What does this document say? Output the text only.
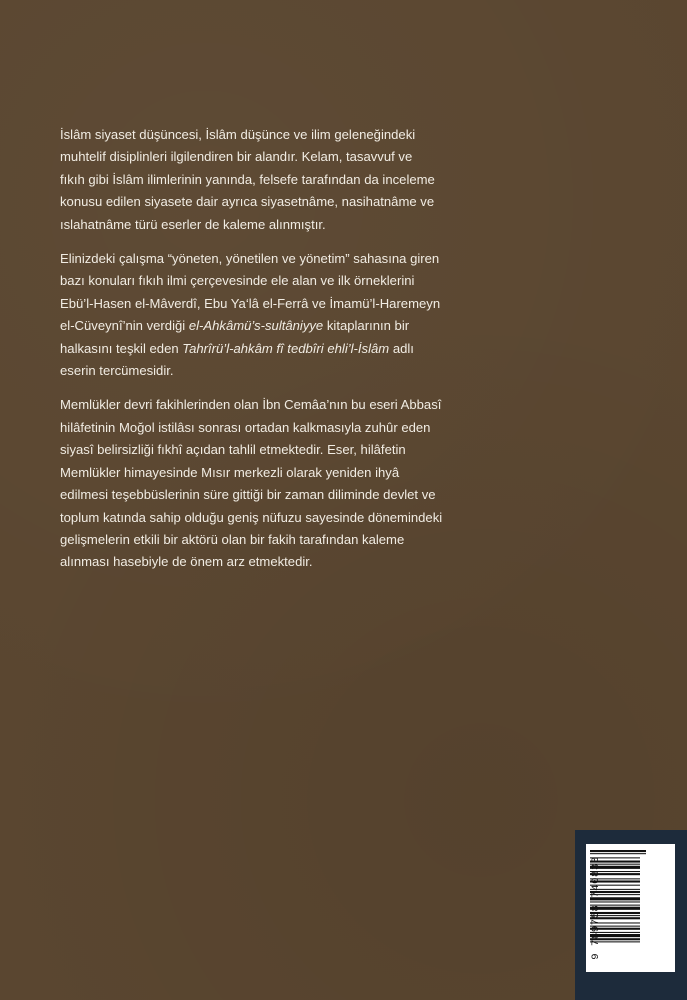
İslâm siyaset düşüncesi, İslâm düşünce ve ilim geleneğindeki
muhtelif disiplinleri ilgilendiren bir alandır. Kelam, tasavvuf ve
fıkıh gibi İslâm ilimlerinin yanında, felsefe tarafından da inceleme
konusu edilen siyasete dair ayrıca siyasetnâme, nasihatnâme ve
ıslahatnâme türü eserler de kaleme alınmıştır.

Elinizdeki çalışma “yöneten, yönetilen ve yönetim” sahasına giren
bazı konuları fıkıh ilmi çerçevesinde ele alan ve ilk örneklerini
Ebü’l-Hasen el-Mâverdî, Ebu Ya‘lâ el-Ferrâ ve İmamü’l-Haremeyn
el-Cüveynî’nin verdiği el-Ahkâmü’s-sultâniyye kitaplarının bir
halkasını teşkil eden Tahrîrü’l-ahkâm fî tedbîri ehli’l-İslâm adlı
eserin tercümesidir.

Memlükler devri fakihlerinden olan İbn Cemâa’nın bu eseri Abbasî
hilâfetinin Moğol istilâsı sonrası ortadan kalkmasıyla zuhûr eden
siyasî belirsizliği fıkhî açıdan tahlil etmektedir. Eser, hilâfetin
Memlükler himayesinde Mısır merkezli olarak yeniden ihyâ
edilmesi teşebbüslerinin süre gittiği bir zaman diliminde devlet ve
toplum katında sahip olduğu geniş nüfuzu sayesinde dönemindeki
gelişmelerin etkili bir aktörü olan bir fakih tarafından kaleme
alınması hasebiyle de önem arz etmektedir.

9 789758 740833
